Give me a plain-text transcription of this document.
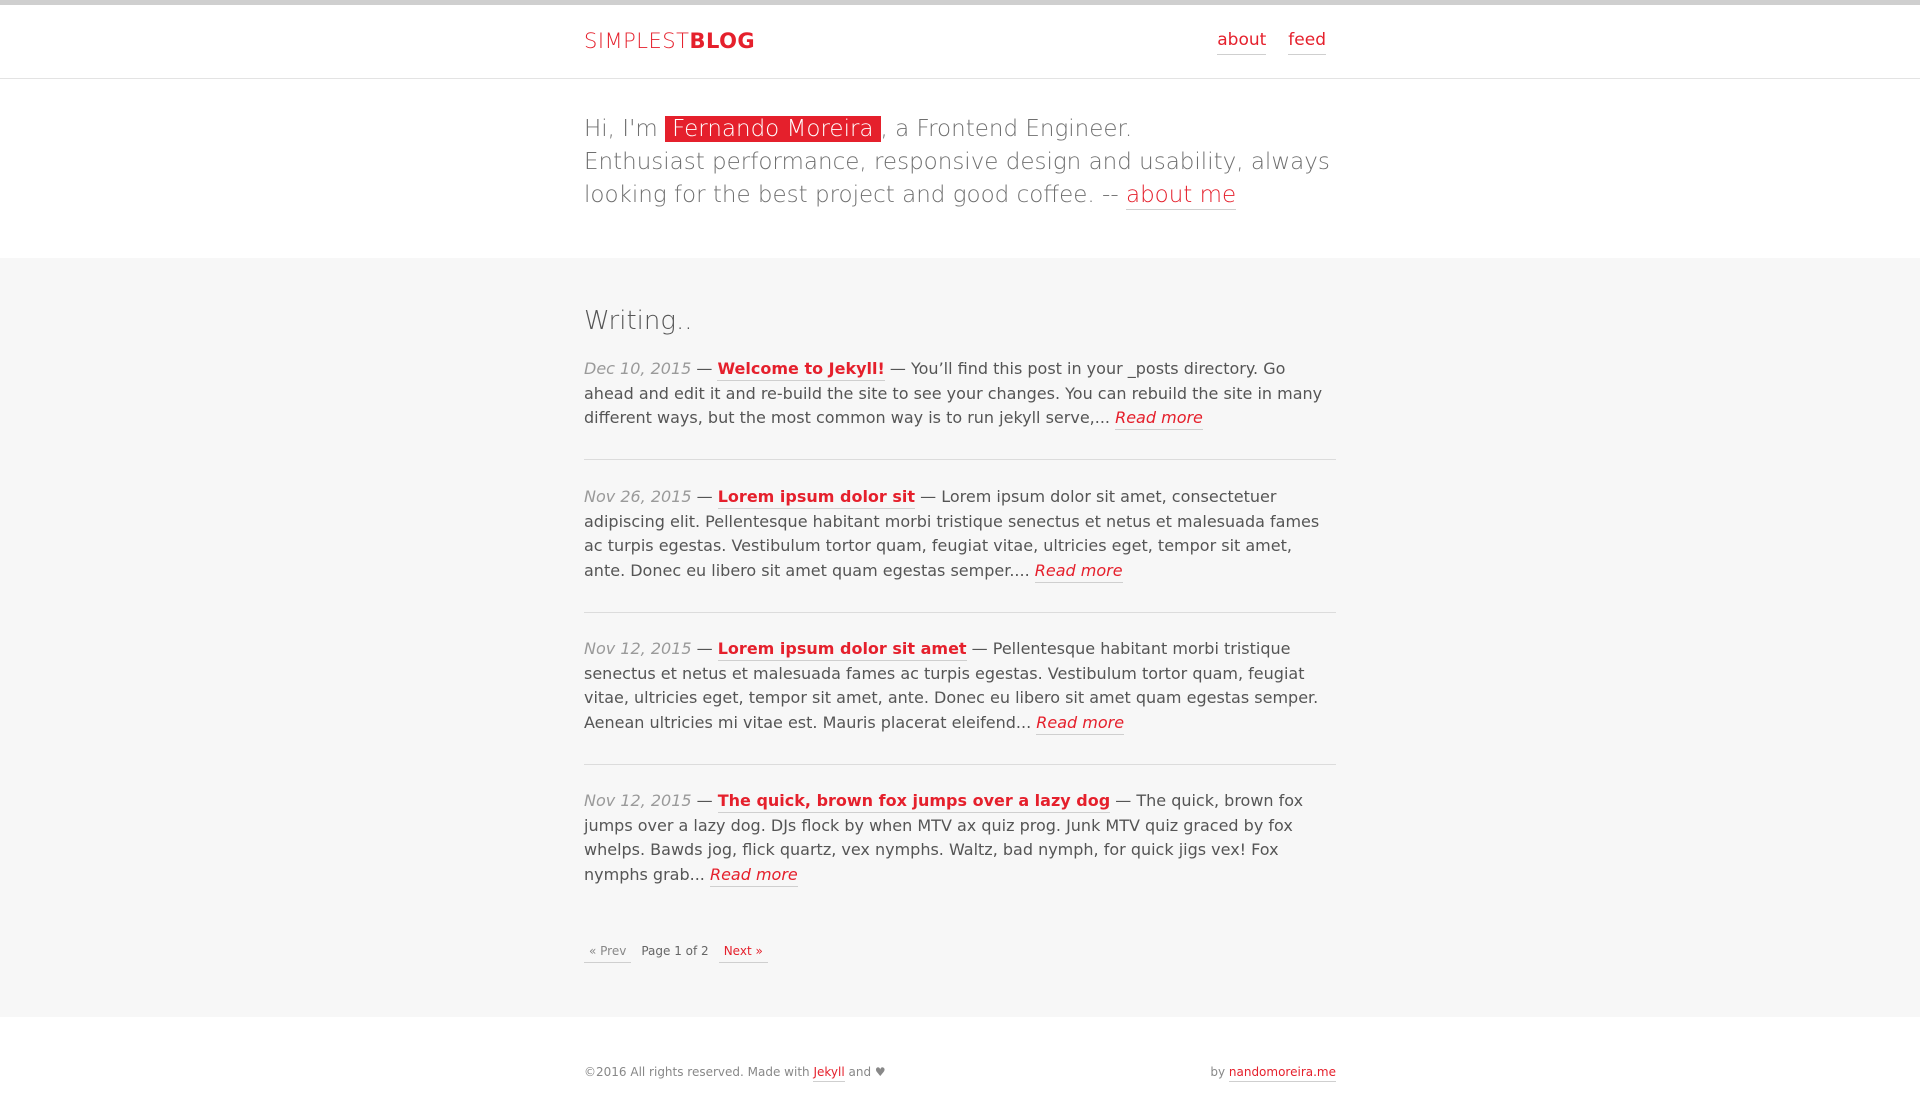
SIMPLESTBLOG	about feed
Hi, I'm Fernando Moreira , a Frontend Engineer.
Enthusiast performance, responsive design and usability, always looking for the best project and good coffee. -- about me
Writing..
Dec 10, 2015 — Welcome to Jekyll! — You’ll find this post in your _posts directory. Go ahead and edit it and re-build the site to see your changes. You can rebuild the site in many different ways, but the most common way is to run jekyll serve,... Read more
Nov 26, 2015 — Lorem ipsum dolor sit — Lorem ipsum dolor sit amet, consectetuer adipiscing elit. Pellentesque habitant morbi tristique senectus et netus et malesuada fames ac turpis egestas. Vestibulum tortor quam, feugiat vitae, ultricies eget, tempor sit amet, ante. Donec eu libero sit amet quam egestas semper.... Read more
Nov 12, 2015 — Lorem ipsum dolor sit amet — Pellentesque habitant morbi tristique senectus et netus et malesuada fames ac turpis egestas. Vestibulum tortor quam, feugiat vitae, ultricies eget, tempor sit amet, ante. Donec eu libero sit amet quam egestas semper. Aenean ultricies mi vitae est. Mauris placerat eleifend... Read more
Nov 12, 2015 — The quick, brown fox jumps over a lazy dog — The quick, brown fox jumps over a lazy dog. DJs flock by when MTV ax quiz prog. Junk MTV quiz graced by fox whelps. Bawds jog, flick quartz, vex nymphs. Waltz, bad nymph, for quick jigs vex! Fox nymphs grab... Read more
« Prev	Page 1 of 2	Next »
©2016 All rights reserved. Made with Jekyll and ♥	by nandomoreira.me
